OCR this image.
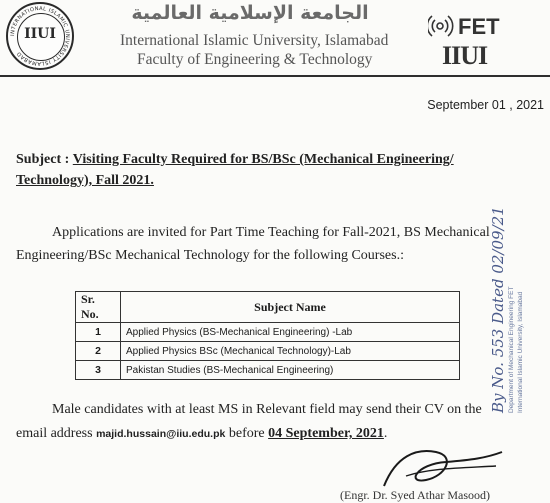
INTERNATIONAL ISLAMIC UNIVERSITY ISLAMABAD
IIUI
الجامعة الإسلامية العالمية
International Islamic University, Islamabad
Faculty of Engineering & Technology
FET
IIUI
September 01 , 2021
Subject : Visiting Faculty Required for BS/BSc (Mechanical Engineering/
Technology), Fall 2021.
Applications are invited for Part Time Teaching for Fall-2021, BS Mechanical Engineering/BSc Mechanical Technology for the following Courses.:
Sr. No.	Subject Name
1	Applied Physics (BS-Mechanical Engineering) -Lab
2	Applied Physics BSc (Mechanical Technology)-Lab
3	Pakistan Studies (BS-Mechanical Engineering)
Male candidates with at least MS in Relevant field may send their CV on the email address majid.hussain@iiu.edu.pk before 04 September, 2021.
By No. 553 Dated 02/09/21 Department of Mechanical Engineering FET International Islamic University, Islamabad
(Engr. Dr. Syed Athar Masood)
